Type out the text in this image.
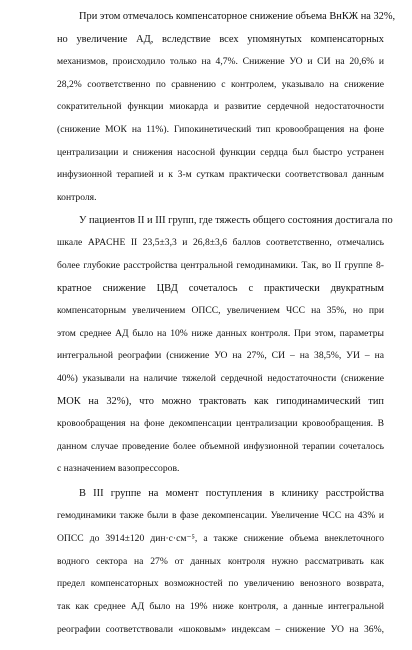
При этом отмечалось компенсаторное снижение объема ВнКЖ на 32%,
но увеличение АД, вследствие всех упомянутых компенсаторных
механизмов, происходило только на 4,7%. Снижение УО и СИ на 20,6% и
28,2% соответственно по сравнению с контролем, указывало на снижение
сократительной функции миокарда и развитие сердечной недостаточности
(снижение МОК на 11%). Гипокинетический тип кровообращения на фоне
централизации и снижения насосной функции сердца был быстро устранен
инфузионной терапией и к 3-м суткам практически соответствовал данным
контроля.
У пациентов II и III групп, где тяжесть общего состояния достигала по
шкале APACHE II 23,5±3,3 и 26,8±3,6 баллов соответственно, отмечались
более глубокие расстройства центральной гемодинамики. Так, во II группе 8-
кратное снижение ЦВД сочеталось с практически двукратным
компенсаторным увеличением ОПСС, увеличением ЧСС на 35%, но при
этом среднее АД было на 10% ниже данных контроля. При этом, параметры
интегральной реографии (снижение УО на 27%, СИ – на 38,5%, УИ – на
40%) указывали на наличие тяжелой сердечной недостаточности (снижение
МОК на 32%), что можно трактовать как гиподинамический тип
кровообращения на фоне декомпенсации централизации кровообращения. В
данном случае проведение более объемной инфузионной терапии сочеталось
с назначением вазопрессоров.
В III группе на момент поступления в клинику расстройства
гемодинамики также были в фазе декомпенсации. Увеличение ЧСС на 43% и
ОПСС до 3914±120 дин·с·см⁻⁵, а также снижение объема внеклеточного
водного сектора на 27% от данных контроля нужно рассматривать как
предел компенсаторных возможностей по увеличению венозного возврата,
так как среднее АД было на 19% ниже контроля, а данные интегральной
реографии соответствовали «шоковым» индексам – снижение УО на 36%,
